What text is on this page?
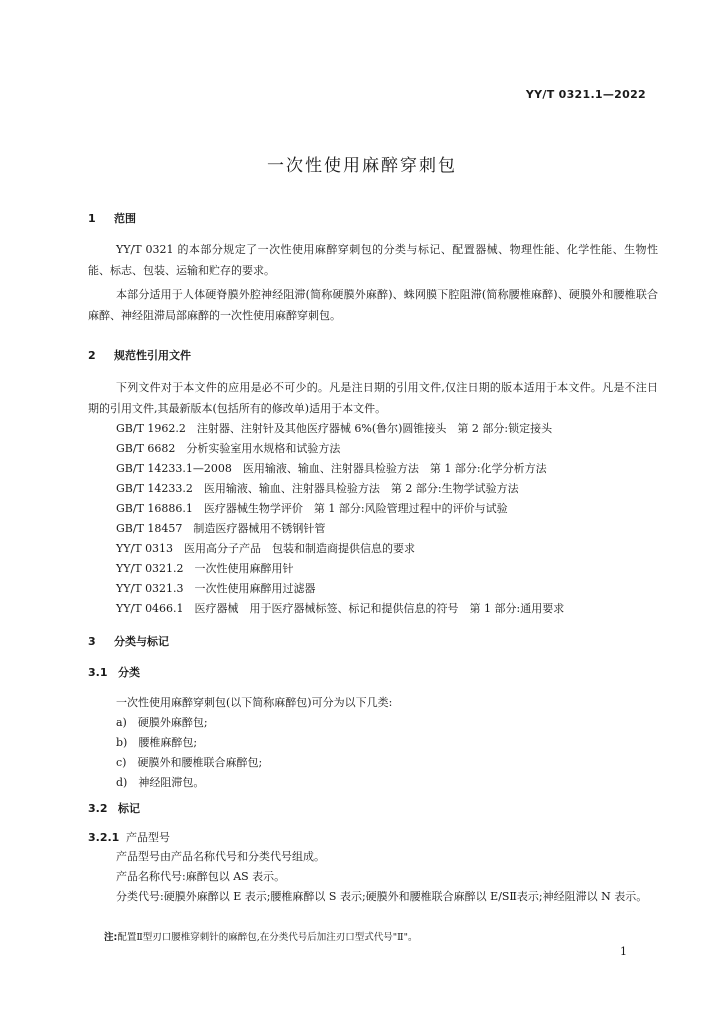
YY/T 0321.1—2022
一次性使用麻醉穿刺包
1 范围
YY/T 0321 的本部分规定了一次性使用麻醉穿刺包的分类与标记、配置器械、物理性能、化学性能、生物性能、标志、包装、运输和贮存的要求。
本部分适用于人体硬脊膜外腔神经阻滞(简称硬膜外麻醉)、蛛网膜下腔阻滞(简称腰椎麻醉)、硬膜外和腰椎联合麻醉、神经阻滞局部麻醉的一次性使用麻醉穿刺包。
2 规范性引用文件
下列文件对于本文件的应用是必不可少的。凡是注日期的引用文件,仅注日期的版本适用于本文件。凡是不注日期的引用文件,其最新版本(包括所有的修改单)适用于本文件。
GB/T 1962.2　注射器、注射针及其他医疗器械 6%(鲁尔)圆锥接头　第 2 部分:锁定接头
GB/T 6682　分析实验室用水规格和试验方法
GB/T 14233.1—2008　医用输液、输血、注射器具检验方法　第 1 部分:化学分析方法
GB/T 14233.2　医用输液、输血、注射器具检验方法　第 2 部分:生物学试验方法
GB/T 16886.1　医疗器械生物学评价　第 1 部分:风险管理过程中的评价与试验
GB/T 18457　制造医疗器械用不锈钢针管
YY/T 0313　医用高分子产品　包装和制造商提供信息的要求
YY/T 0321.2　一次性使用麻醉用针
YY/T 0321.3　一次性使用麻醉用过滤器
YY/T 0466.1　医疗器械　用于医疗器械标签、标记和提供信息的符号　第 1 部分:通用要求
3 分类与标记
3.1 分类
一次性使用麻醉穿刺包(以下简称麻醉包)可分为以下几类:
a)　硬膜外麻醉包;
b)　腰椎麻醉包;
c)　硬膜外和腰椎联合麻醉包;
d)　神经阻滞包。
3.2 标记
3.2.1 产品型号
产品型号由产品名称代号和分类代号组成。
产品名称代号:麻醉包以 AS 表示。
分类代号:硬膜外麻醉以 E 表示;腰椎麻醉以 S 表示;硬膜外和腰椎联合麻醉以 E/SⅡ表示;神经阻滞以 N 表示。
注:配置Ⅱ型刃口腰椎穿刺针的麻醉包,在分类代号后加注刃口型式代号"Ⅱ"。
1
